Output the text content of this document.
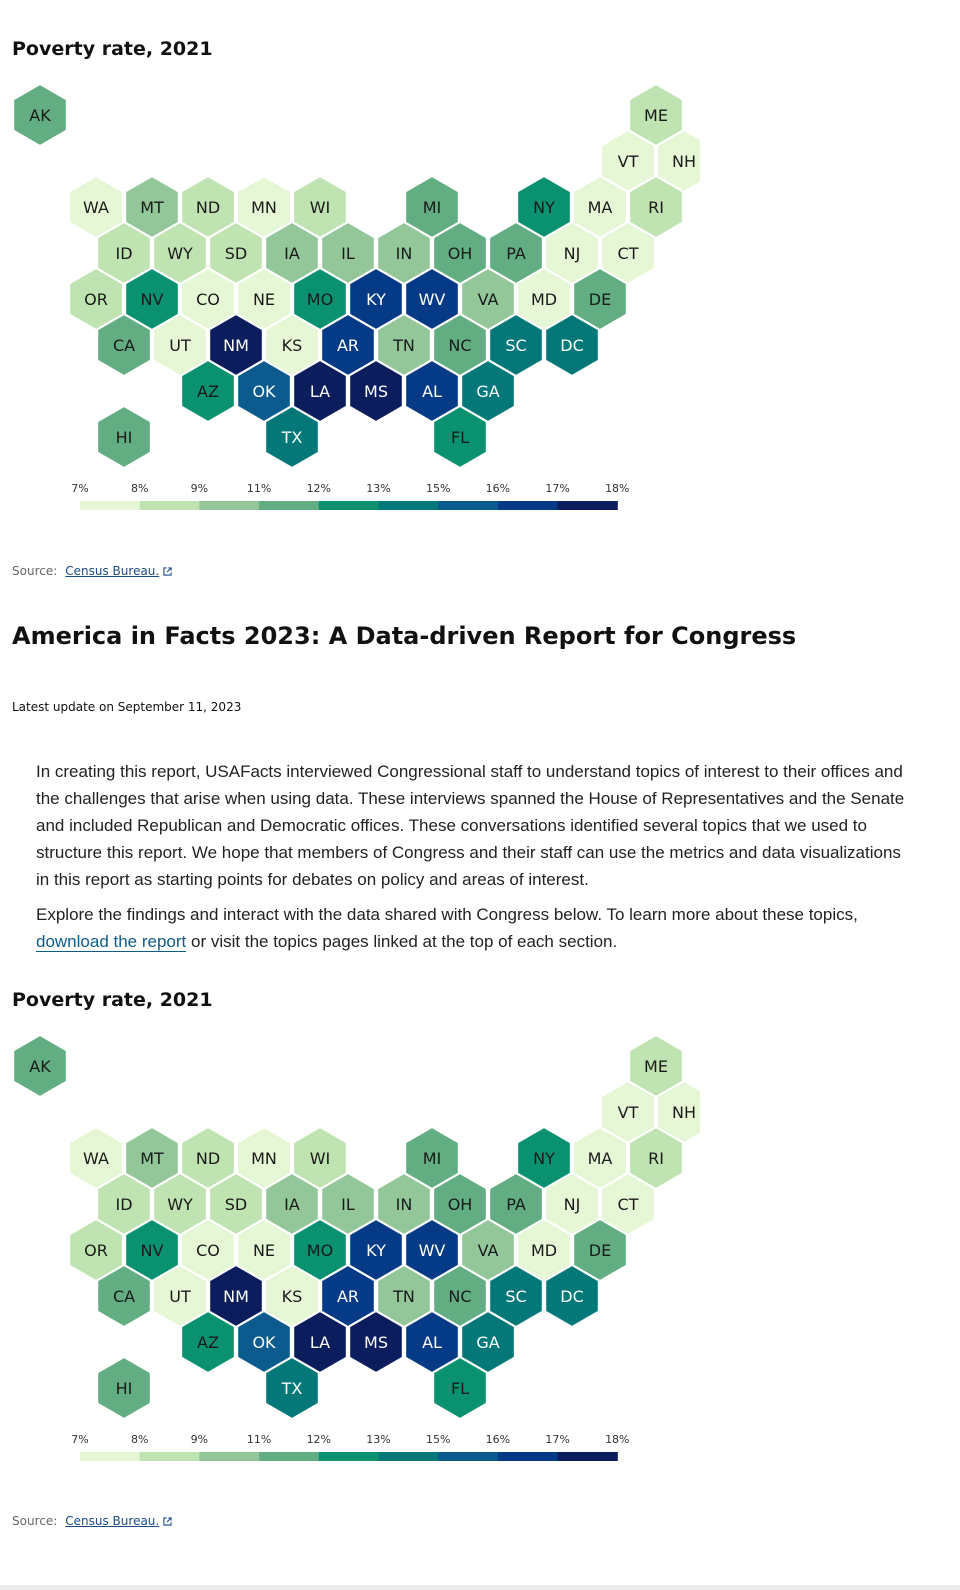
Poverty rate, 2021
AK	ME
VT NH
WA MT ND MN WI	MI	NY MA RI
ID WY SD IA	IL	IN OH PA NJ CT
OR NV CO NE MO KY WV VA MD DE
CA UT NM KS AR TN NC SC DC
AZ OK LA MS AL GA
HI	TX	FL
7%	8%	9%	11%	12%	13%	15%	16%	17%	18%
Source: Census Bureau.
America in Facts 2023: A Data-driven Report for Congress
Latest update on September 11, 2023

In creating this report, USAFacts interviewed Congressional staff to understand topics of interest to their offices and the challenges that arise when using data. These interviews spanned the House of Representatives and the Senate and included Republican and Democratic offices. These conversations identified several topics that we used to structure this report. We hope that members of Congress and their staff can use the metrics and data visualizations in this report as starting points for debates on policy and areas of interest.

Explore the findings and interact with the data shared with Congress below. To learn more about these topics, download the report or visit the topics pages linked at the top of each section.

Poverty rate, 2021
AK	ME
VT NH
WA MT ND MN WI	MI	NY MA RI
ID WY SD IA	IL	IN OH PA NJ CT
OR NV CO NE MO KY WV VA MD DE
CA UT NM KS AR TN NC SC DC
AZ OK LA MS AL GA
HI	TX	FL
7%	8%	9%	11%	12%	13%	15%	16%	17%	18%
Source: Census Bureau.
